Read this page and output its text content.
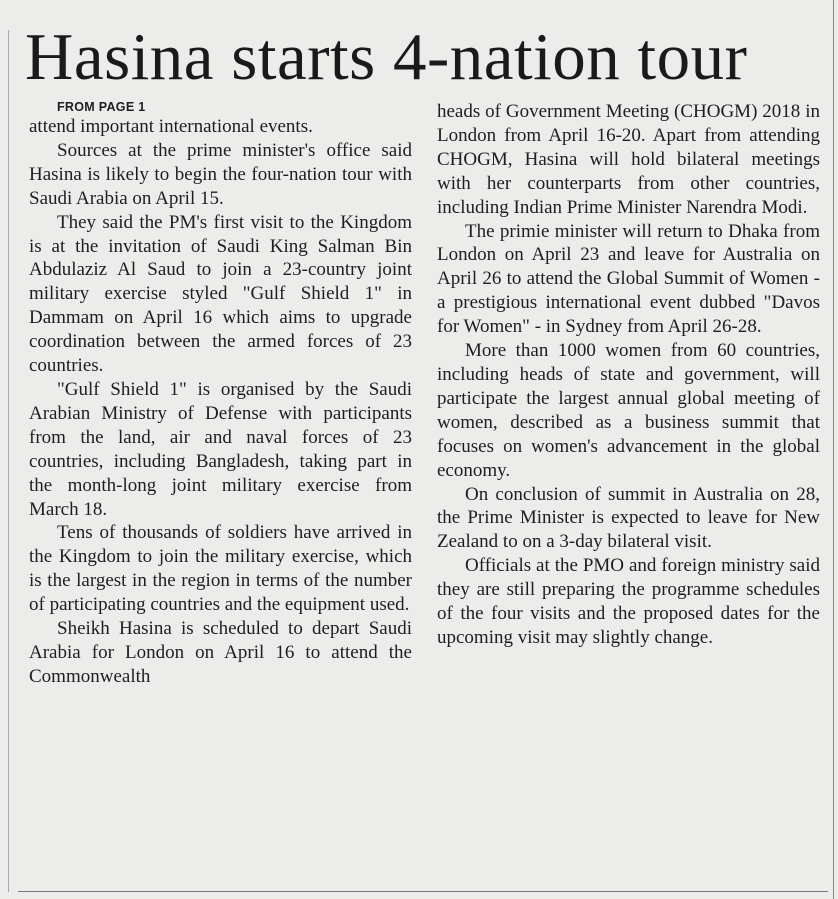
Hasina starts 4-nation tour

FROM PAGE 1

attend important international events.

Sources at the prime minister's office said Hasina is likely to begin the four-nation tour with Saudi Arabia on April 15.

They said the PM's first visit to the Kingdom is at the invitation of Saudi King Salman Bin Abdulaziz Al Saud to join a 23-country joint military exercise styled "Gulf Shield 1" in Dammam on April 16 which aims to upgrade coordination between the armed forces of 23 countries.

"Gulf Shield 1" is organised by the Saudi Arabian Ministry of Defense with participants from the land, air and naval forces of 23 countries, including Bangladesh, taking part in the month-long joint military exercise from March 18.

Tens of thousands of soldiers have arrived in the Kingdom to join the military exercise, which is the largest in the region in terms of the number of participating countries and the equipment used.

Sheikh Hasina is scheduled to depart Saudi Arabia for London on April 16 to attend the Commonwealth

heads of Government Meeting (CHOGM) 2018 in London from April 16-20. Apart from attending CHOGM, Hasina will hold bilateral meetings with her counterparts from other countries, including Indian Prime Minister Narendra Modi.

The primie minister will return to Dhaka from London on April 23 and leave for Australia on April 26 to attend the Global Summit of Women - a prestigious international event dubbed "Davos for Women" - in Sydney from April 26-28.

More than 1000 women from 60 countries, including heads of state and government, will participate the largest annual global meeting of women, described as a business summit that focuses on women's advancement in the global economy.

On conclusion of summit in Australia on 28, the Prime Minister is expected to leave for New Zealand to on a 3-day bilateral visit.

Officials at the PMO and foreign ministry said they are still preparing the programme schedules of the four visits and the proposed dates for the upcoming visit may slightly change.
